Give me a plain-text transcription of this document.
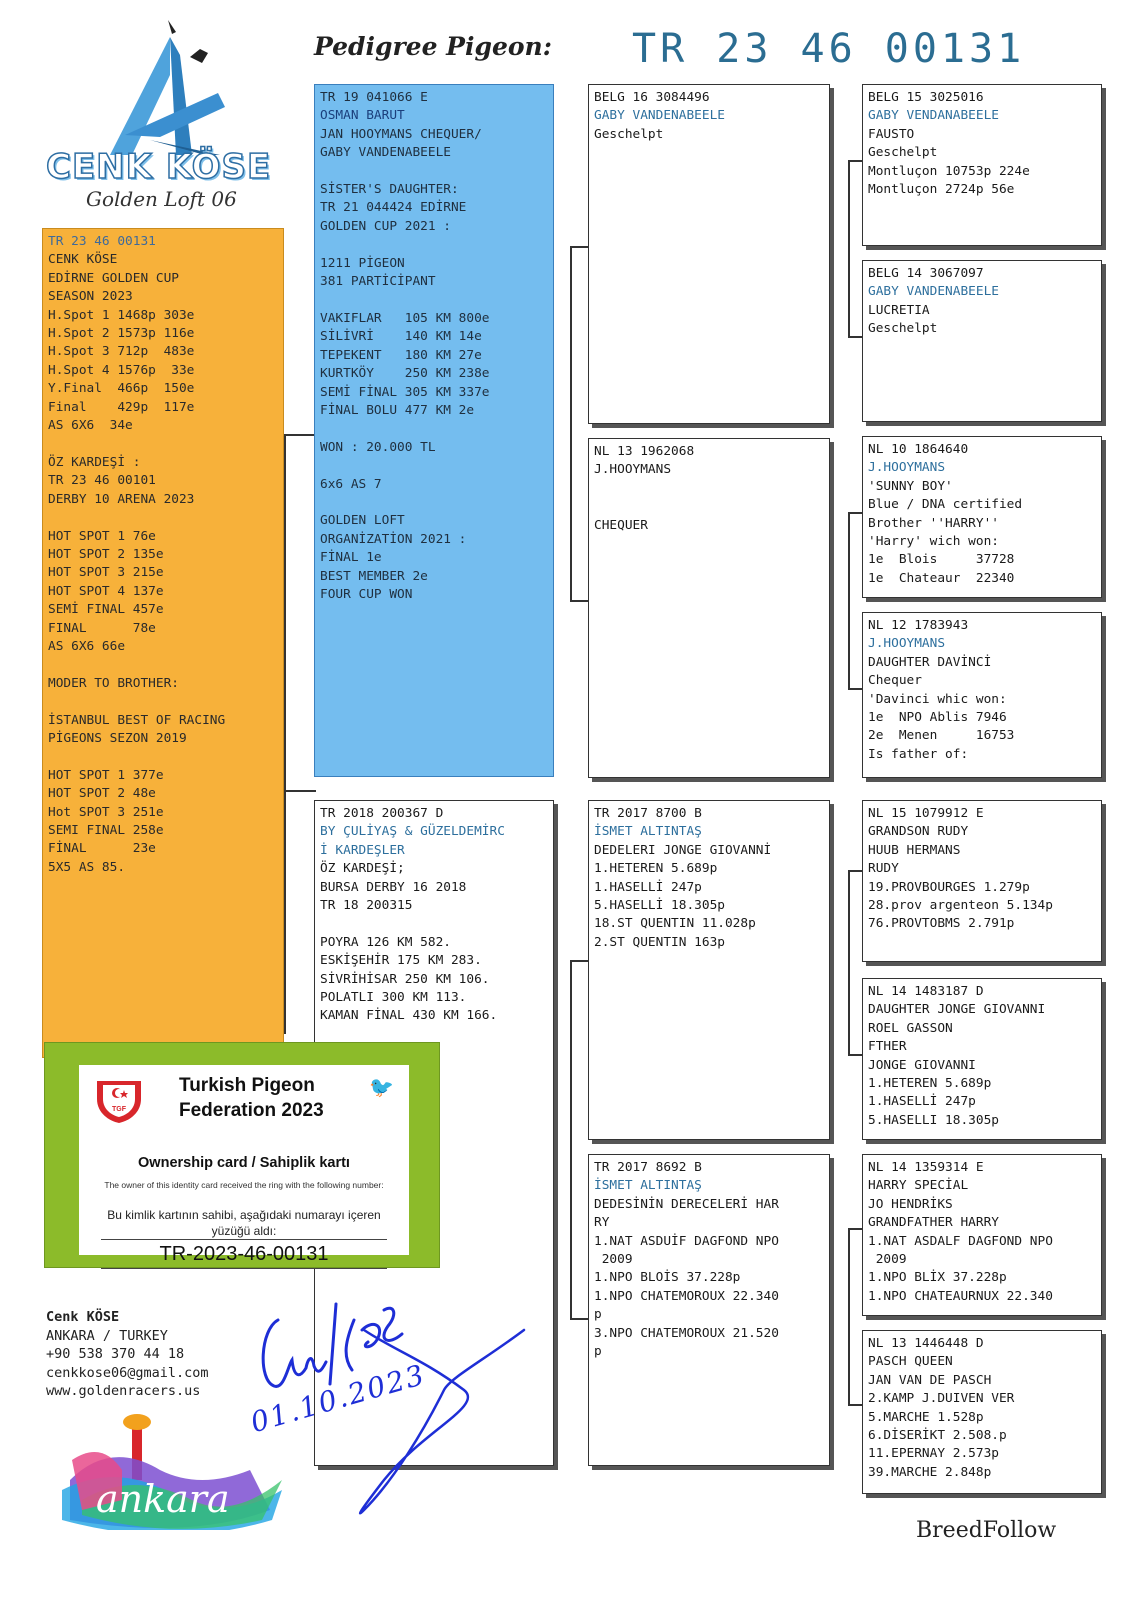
Pedigree Pigeon: TR 23 46 00131
CENK KÖSE
Golden Loft 06
TR 23 46 00131
CENK KÖSE
EDİRNE GOLDEN CUP
SEASON 2023
H.Spot 1 1468p 303e
H.Spot 2 1573p 116e
H.Spot 3 712p  483e
H.Spot 4 1576p  33e
Y.Final  466p  150e
Final    429p  117e
AS 6X6  34e

ÖZ KARDEŞİ :
TR 23 46 00101
DERBY 10 ARENA 2023

HOT SPOT 1 76e
HOT SPOT 2 135e
HOT SPOT 3 215e
HOT SPOT 4 137e
SEMİ FINAL 457e
FINAL      78e
AS 6X6 66e

MODER TO BROTHER:

İSTANBUL BEST OF RACING
PİGEONS SEZON 2019

HOT SPOT 1 377e
HOT SPOT 2 48e
Hot SPOT 3 251e
SEMI FINAL 258e
FİNAL      23e
5X5 AS 85.
TR 19 041066 E
OSMAN BARUT
JAN HOOYMANS CHEQUER/
GABY VANDENABEELE

SİSTER'S DAUGHTER:
TR 21 044424 EDİRNE
GOLDEN CUP 2021 :

1211 PİGEON
381 PARTİCİPANT

VAKIFLAR   105 KM 800e
SİLİVRİ    140 KM 14e
TEPEKENT   180 KM 27e
KURTKÖY    250 KM 238e
SEMİ FİNAL 305 KM 337e
FİNAL BOLU 477 KM 2e

WON : 20.000 TL

6x6 AS 7

GOLDEN LOFT
ORGANİZATİON 2021 :
FİNAL 1e
BEST MEMBER 2e
FOUR CUP WON
TR 2018 200367 D
BY ÇULİYAŞ & GÜZELDEMİRC
İ KARDEŞLER
ÖZ KARDEŞİ;
BURSA DERBY 16 2018
TR 18 200315

POYRA 126 KM 582.
ESKİŞEHİR 175 KM 283.
SİVRİHİSAR 250 KM 106.
POLATLI 300 KM 113.
KAMAN FİNAL 430 KM 166.
BELG 16 3084496
GABY VANDENABEELE
Geschelpt
NL 13 1962068
J.HOOYMANS

CHEQUER
TR 2017 8700 B
İSMET ALTINTAŞ
DEDELERI JONGE GIOVANNİ
1.HETEREN 5.689p
1.HASELLİ 247p
5.HASELLİ 18.305p
18.ST QUENTIN 11.028p
2.ST QUENTIN 163p
TR 2017 8692 B
İSMET ALTINTAŞ
DEDESİNİN DERECELERİ HAR
RY
1.NAT ASDUİF DAGFOND NPO
2009
1.NPO BLOİS 37.228p
1.NPO CHATEMOROUX 22.340
p
3.NPO CHATEMOROUX 21.520
p
BELG 15 3025016
GABY VENDANABEELE
FAUSTO
Geschelpt
Montluçon 10753p 224e
Montluçon 2724p 56e
BELG 14 3067097
GABY VANDENABEELE
LUCRETIA
Geschelpt
NL 10 1864640
J.HOOYMANS
'SUNNY BOY'
Blue / DNA certified
Brother ''HARRY''
'Harry' wich won:
1e  Blois     37728
1e  Chateaur  22340
NL 12 1783943
J.HOOYMANS
DAUGHTER DAVİNCİ
Chequer
'Davinci whic won:
1e  NPO Ablis 7946
2e  Menen     16753
Is father of:
NL 15 1079912 E
GRANDSON RUDY
HUUB HERMANS
RUDY
19.PROVBOURGES 1.279p
28.prov argenteon 5.134p
76.PROVTOBMS 2.791p
NL 14 1483187 D
DAUGHTER JONGE GIOVANNI
ROEL GASSON
FTHER
JONGE GIOVANNI
1.HETEREN 5.689p
1.HASELLİ 247p
5.HASELLI 18.305p
NL 14 1359314 E
HARRY SPECİAL
JO HENDRİKS
GRANDFATHER HARRY
1.NAT ASDALF DAGFOND NPO
2009
1.NPO BLİX 37.228p
1.NPO CHATEAURNUX 22.340
NL 13 1446448 D
PASCH QUEEN
JAN VAN DE PASCH
2.KAMP J.DUIVEN VER
5.MARCHE 1.528p
6.DİSERİKT 2.508.p
11.EPERNAY 2.573p
39.MARCHE 2.848p
TGF
Turkish Pigeon
Federation 2023
🐦
Ownership card / Sahiplik kartı
The owner of this identity card received the ring with the following number:
Bu kimlik kartının sahibi, aşağıdaki numarayı içeren yüzüğü aldı:
TR-2023-46-00131
Cenk KÖSE
ANKARA / TURKEY
+90 538 370 44 18
cenkkose06@gmail.com
www.goldenracers.us 01.10.2023
ankara
BreedFollow
